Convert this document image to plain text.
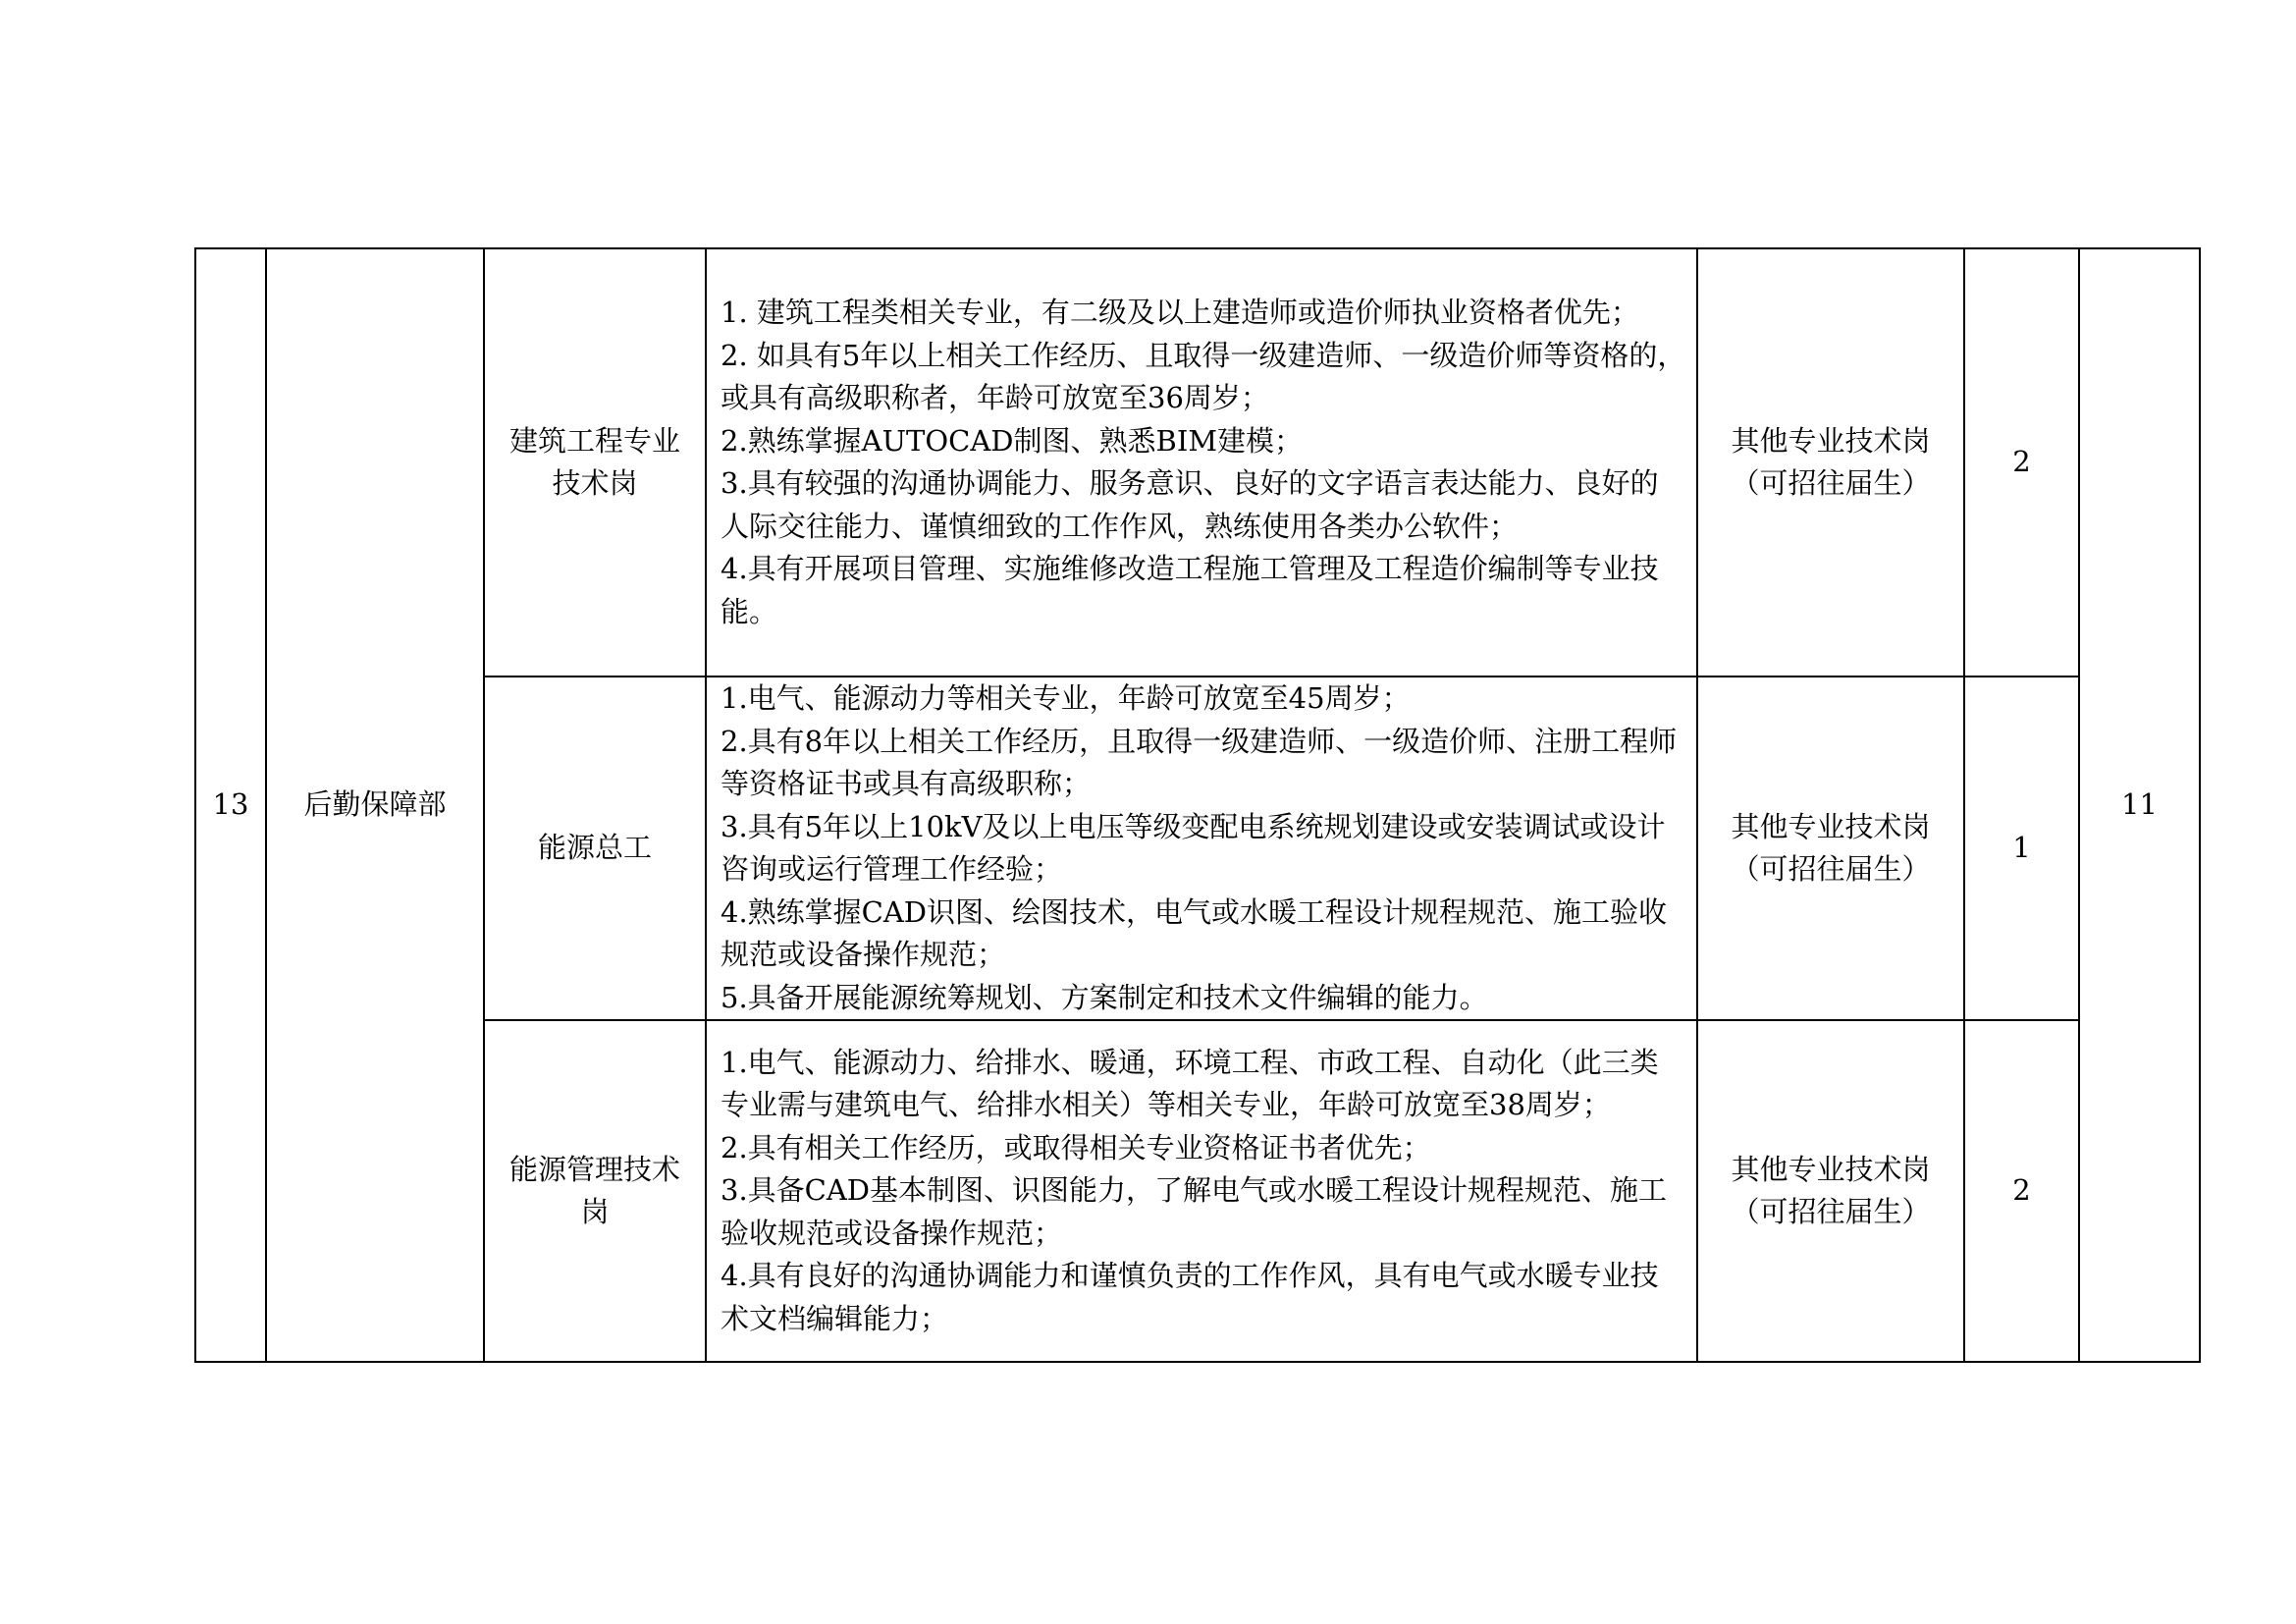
13	后勤保障部	建筑工程专业技术岗	1. 建筑工程类相关专业，有二级及以上建造师或造价师执业资格者优先；
2. 如具有5年以上相关工作经历、且取得一级建造师、一级造价师等资格的，或具有高级职称者，年龄可放宽至36周岁；
2.熟练掌握AUTOCAD制图、熟悉BIM建模；
3.具有较强的沟通协调能力、服务意识、良好的文字语言表达能力、良好的人际交往能力、谨慎细致的工作作风，熟练使用各类办公软件；
4.具有开展项目管理、实施维修改造工程施工管理及工程造价编制等专业技能。	其他专业技术岗（可招往届生）	2	11

		能源总工	1.电气、能源动力等相关专业，年龄可放宽至45周岁；
2.具有8年以上相关工作经历，且取得一级建造师、一级造价师、注册工程师等资格证书或具有高级职称；
3.具有5年以上10kV及以上电压等级变配电系统规划建设或安装调试或设计咨询或运行管理工作经验；
4.熟练掌握CAD识图、绘图技术，电气或水暖工程设计规程规范、施工验收规范或设备操作规范；
5.具备开展能源统筹规划、方案制定和技术文件编辑的能力。	其他专业技术岗（可招往届生）	1	

		能源管理技术岗	1.电气、能源动力、给排水、暖通，环境工程、市政工程、自动化（此三类专业需与建筑电气、给排水相关）等相关专业，年龄可放宽至38周岁；
2.具有相关工作经历，或取得相关专业资格证书者优先；
3.具备CAD基本制图、识图能力，了解电气或水暖工程设计规程规范、施工验收规范或设备操作规范；
4.具有良好的沟通协调能力和谨慎负责的工作作风，具有电气或水暖专业技术文档编辑能力；	其他专业技术岗（可招往届生）	2	
